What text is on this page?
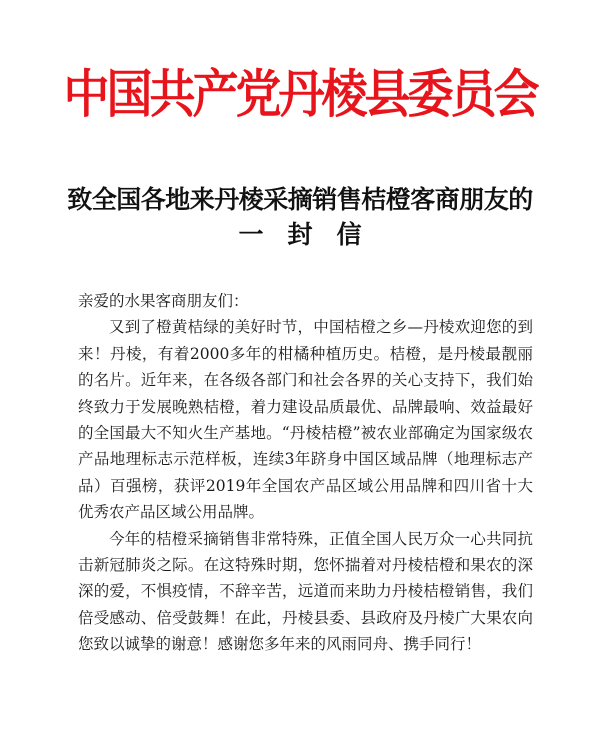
中国共产党丹棱县委员会
致全国各地来丹棱采摘销售桔橙客商朋友的
一封信

亲爱的水果客商朋友们：

又到了橙黄桔绿的美好时节，中国桔橙之乡—丹棱欢迎您的到来！丹棱，有着2000多年的柑橘种植历史。桔橙，是丹棱最靓丽的名片。近年来，在各级各部门和社会各界的关心支持下，我们始终致力于发展晚熟桔橙，着力建设品质最优、品牌最响、效益最好的全国最大不知火生产基地。“丹棱桔橙”被农业部确定为国家级农产品地理标志示范样板，连续3年跻身中国区域品牌（地理标志产品）百强榜，获评2019年全国农产品区域公用品牌和四川省十大优秀农产品区域公用品牌。

今年的桔橙采摘销售非常特殊，正值全国人民万众一心共同抗击新冠肺炎之际。在这特殊时期，您怀揣着对丹棱桔橙和果农的深深的爱，不惧疫情，不辞辛苦，远道而来助力丹棱桔橙销售，我们倍受感动、倍受鼓舞！在此，丹棱县委、县政府及丹棱广大果农向您致以诚挚的谢意！感谢您多年来的风雨同舟、携手同行！
